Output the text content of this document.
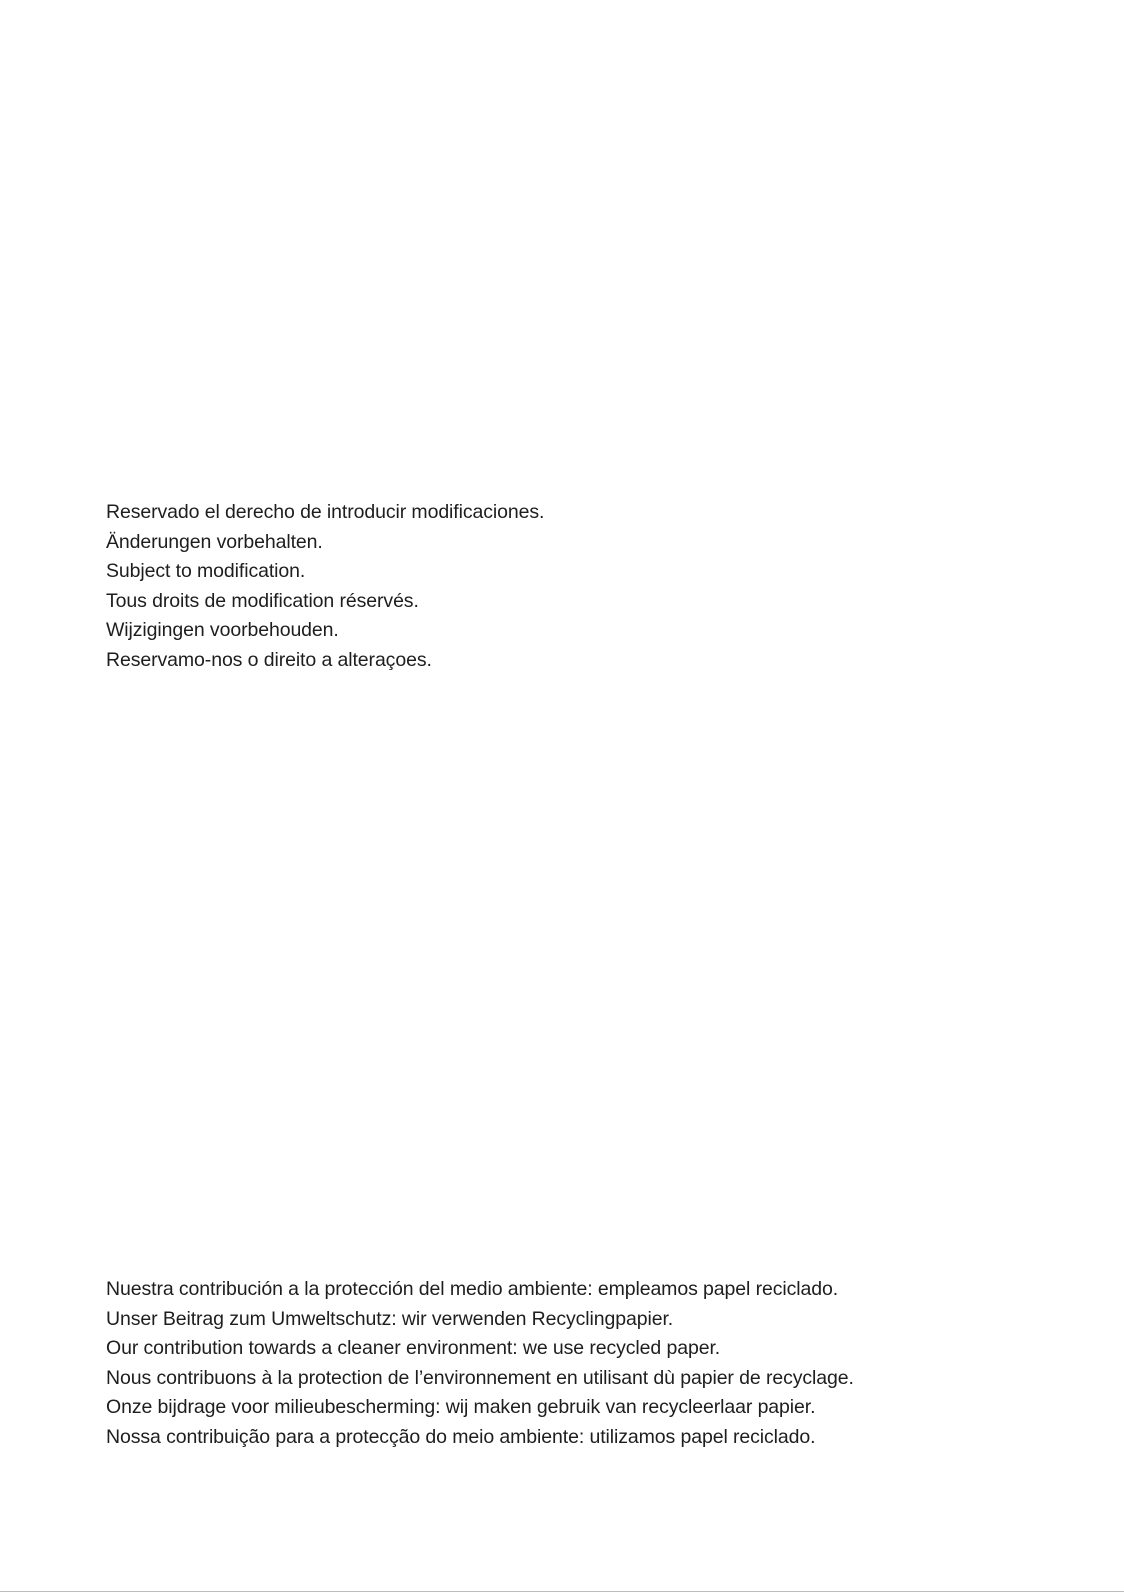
Reservado el derecho de introducir modificaciones.
Änderungen vorbehalten.
Subject to modification.
Tous droits de modification réservés.
Wijzigingen voorbehouden.
Reservamo-nos o direito a alteraçoes.
Nuestra contribución a la protección del medio ambiente: empleamos papel reciclado.
Unser Beitrag zum Umweltschutz: wir verwenden Recyclingpapier.
Our contribution towards a cleaner environment: we use recycled paper.
Nous contribuons à la protection de l’environnement en utilisant dù papier de recyclage.
Onze bijdrage voor milieubescherming: wij maken gebruik van recycleerlaar papier.
Nossa contribuição para a protecção do meio ambiente: utilizamos papel reciclado.
